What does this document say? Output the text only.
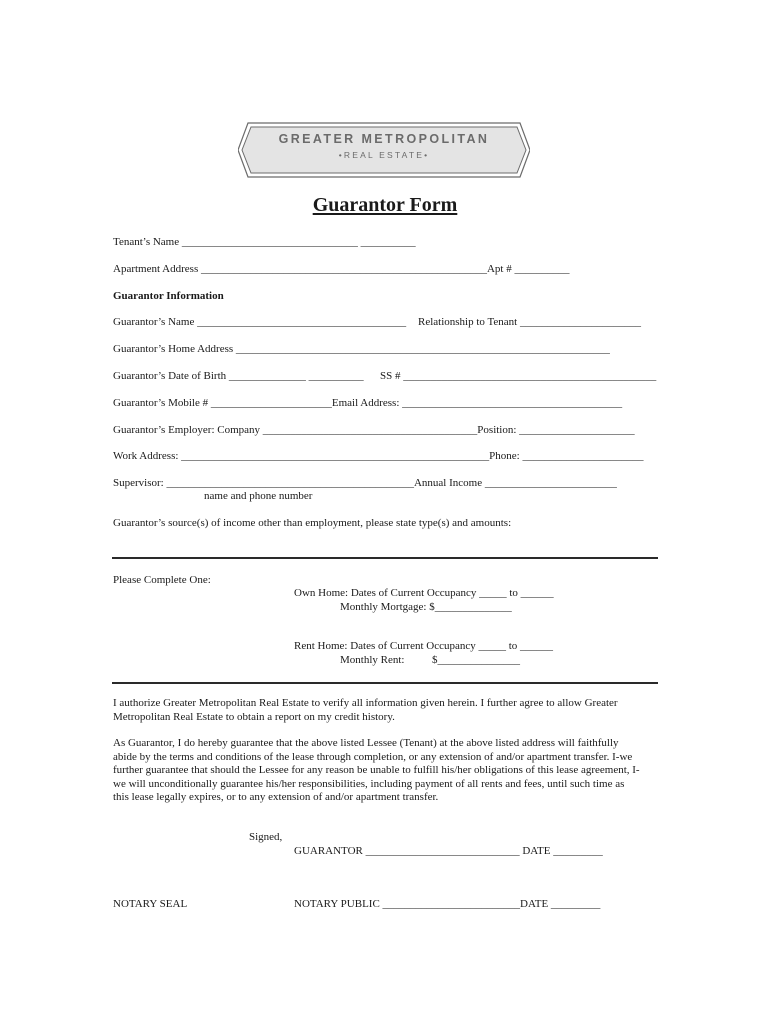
GREATER METROPOLITAN
•REAL ESTATE•
Guarantor Form
Tenant’s Name ________________________________ __________
Apartment Address ____________________________________________________Apt # __________
Guarantor Information
Guarantor’s Name ______________________________________ Relationship to Tenant ______________________
Guarantor’s Home Address ____________________________________________________________________
Guarantor’s Date of Birth ______________ __________ SS # ______________________________________________
Guarantor’s Mobile # ______________________Email Address: ________________________________________
Guarantor’s Employer: Company _______________________________________Position: _____________________
Work Address: ________________________________________________________Phone: ______________________
Supervisor: _____________________________________________Annual Income ________________________
name and phone number
Guarantor’s source(s) of income other than employment, please state type(s) and amounts:
Please Complete One:
Own Home: Dates of Current Occupancy _____ to ______
Monthly Mortgage: $______________
Rent Home: Dates of Current Occupancy _____ to ______
Monthly Rent:	$_______________
I authorize Greater Metropolitan Real Estate to verify all information given herein. I further agree to allow Greater
Metropolitan Real Estate to obtain a report on my credit history.
As Guarantor, I do hereby guarantee that the above listed Lessee (Tenant) at the above listed address will faithfully
abide by the terms and conditions of the lease through completion, or any extension of and/or apartment transfer. I-we
further guarantee that should the Lessee for any reason be unable to fulfill his/her obligations of this lease agreement, I-
we will unconditionally guarantee his/her responsibilities, including payment of all rents and fees, until such time as
this lease legally expires, or to any extension of and/or apartment transfer.
Signed,
GUARANTOR ____________________________ DATE _________
NOTARY SEAL	NOTARY PUBLIC _________________________DATE _________
